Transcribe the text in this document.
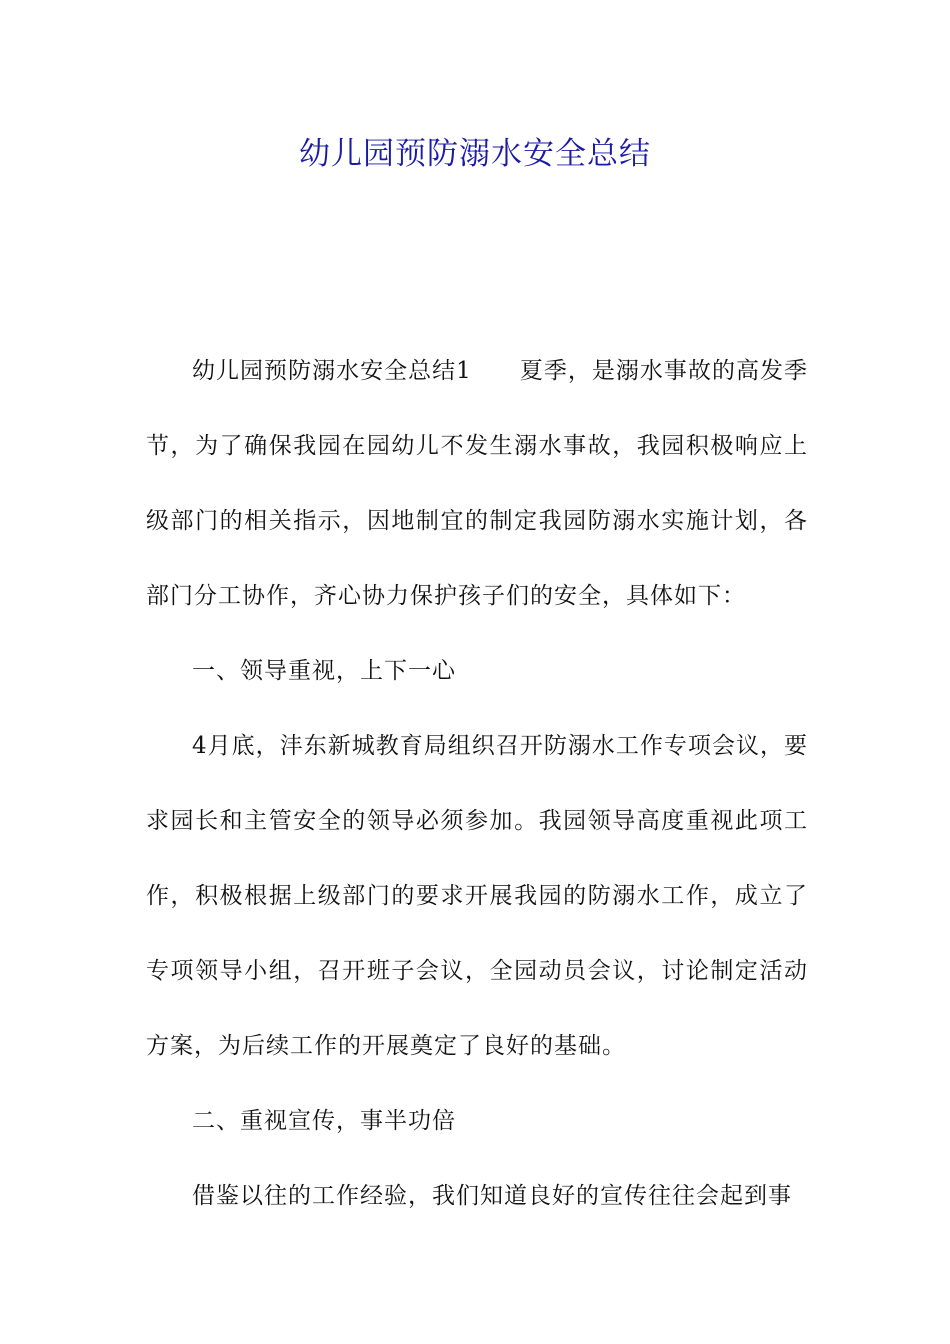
幼儿园预防溺水安全总结

幼儿园预防溺水安全总结1 夏季，是溺水事故的高发季节，为了确保我园在园幼儿不发生溺水事故，我园积极响应上级部门的相关指示，因地制宜的制定我园防溺水实施计划，各部门分工协作，齐心协力保护孩子们的安全，具体如下：

一、领导重视，上下一心

4月底，沣东新城教育局组织召开防溺水工作专项会议，要求园长和主管安全的领导必须参加。我园领导高度重视此项工作，积极根据上级部门的要求开展我园的防溺水工作，成立了专项领导小组，召开班子会议，全园动员会议，讨论制定活动方案，为后续工作的开展奠定了良好的基础。

二、重视宣传，事半功倍

借鉴以往的工作经验，我们知道良好的宣传往往会起到事
